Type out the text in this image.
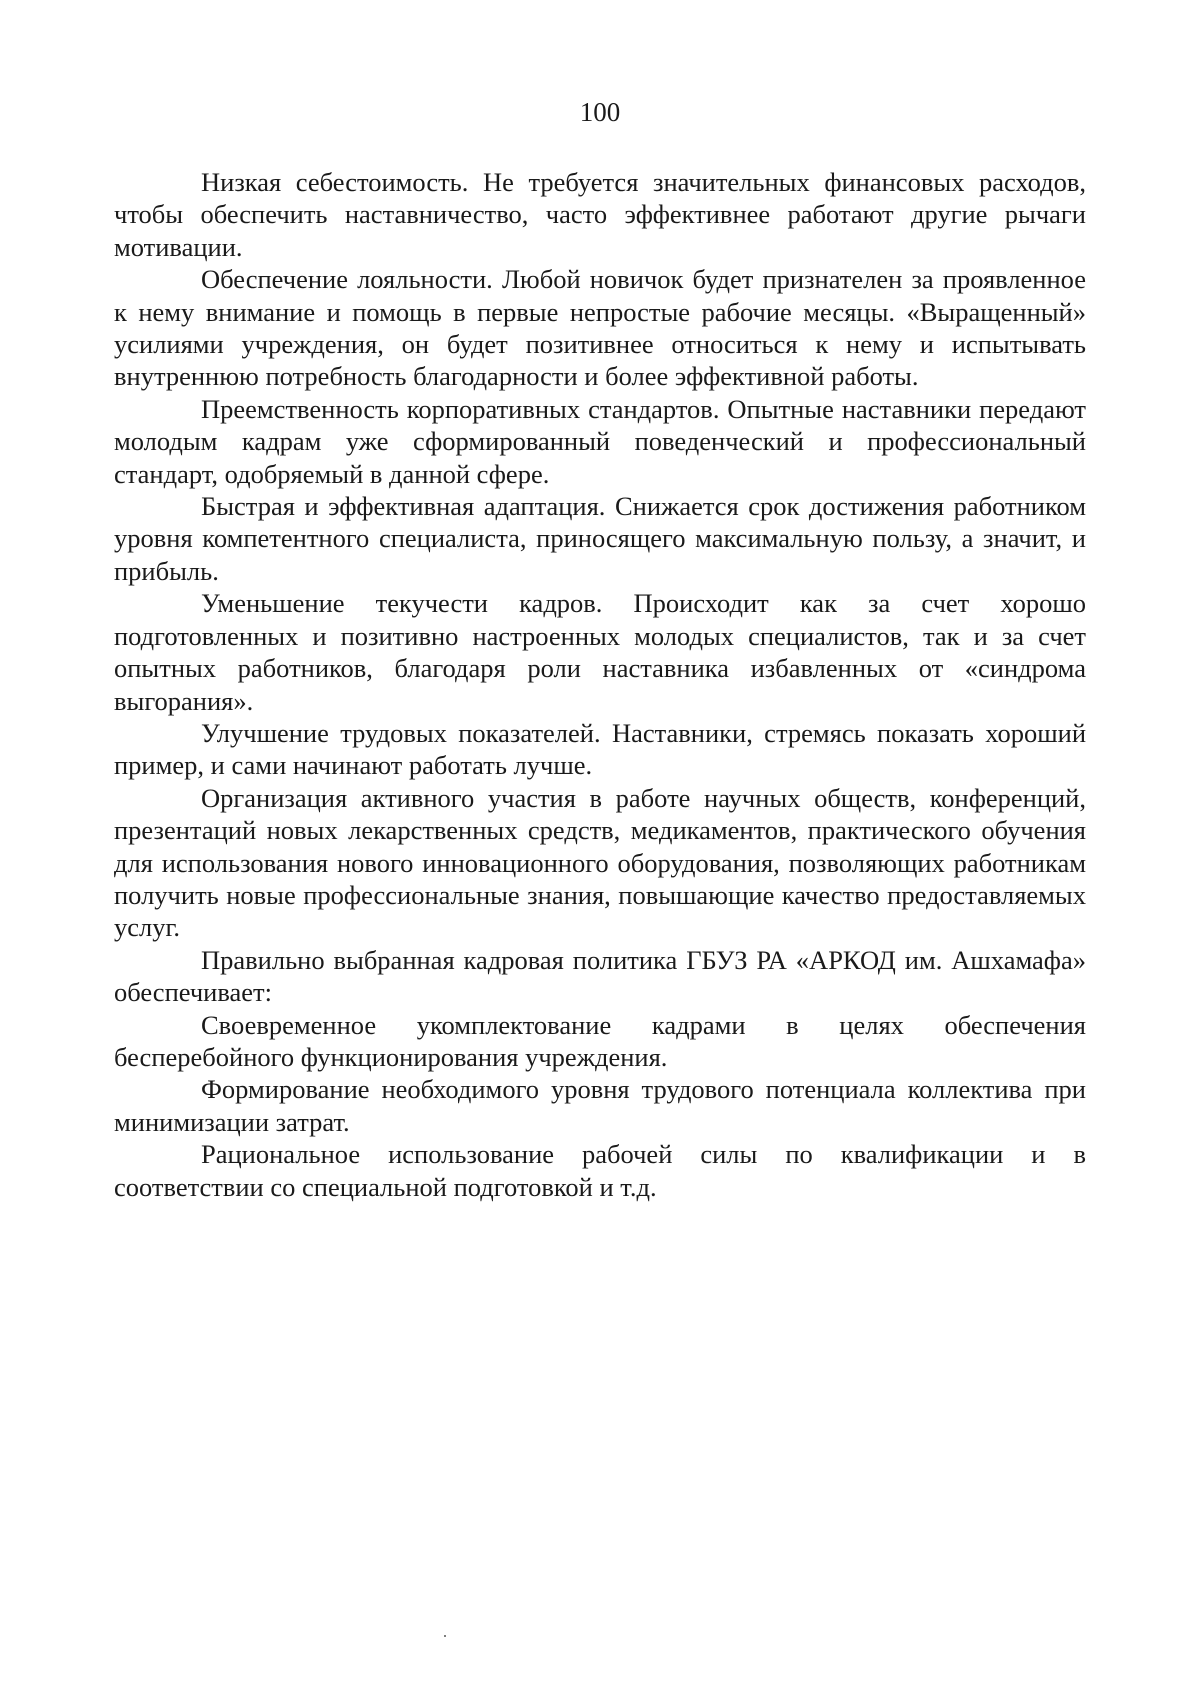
100

Низкая себестоимость. Не требуется значительных финансовых расходов, чтобы обеспечить наставничество, часто эффективнее работают другие рычаги мотивации.

Обеспечение лояльности. Любой новичок будет признателен за проявленное к нему внимание и помощь в первые непростые рабочие месяцы. «Выращенный» усилиями учреждения, он будет позитивнее относиться к нему и испытывать внутреннюю потребность благодарности и более эффективной работы.

Преемственность корпоративных стандартов. Опытные наставники передают молодым кадрам уже сформированный поведенческий и профессиональный стандарт, одобряемый в данной сфере.

Быстрая и эффективная адаптация. Снижается срок достижения работником уровня компетентного специалиста, приносящего максимальную пользу, а значит, и прибыль.

Уменьшение текучести кадров. Происходит как за счет хорошо подготовленных и позитивно настроенных молодых специалистов, так и за счет опытных работников, благодаря роли наставника избавленных от «синдрома выгорания».

Улучшение трудовых показателей. Наставники, стремясь показать хороший пример, и сами начинают работать лучше.

Организация активного участия в работе научных обществ, конференций, презентаций новых лекарственных средств, медикаментов, практического обучения для использования нового инновационного оборудования, позволяющих работникам получить новые профессиональные знания, повышающие качество предоставляемых услуг.

Правильно выбранная кадровая политика ГБУЗ РА «АРКОД им. Ашхамафа» обеспечивает:

Своевременное укомплектование кадрами в целях обеспечения бесперебойного функционирования учреждения.

Формирование необходимого уровня трудового потенциала коллектива при минимизации затрат.

Рациональное использование рабочей силы по квалификации и в соответствии со специальной подготовкой и т.д.
